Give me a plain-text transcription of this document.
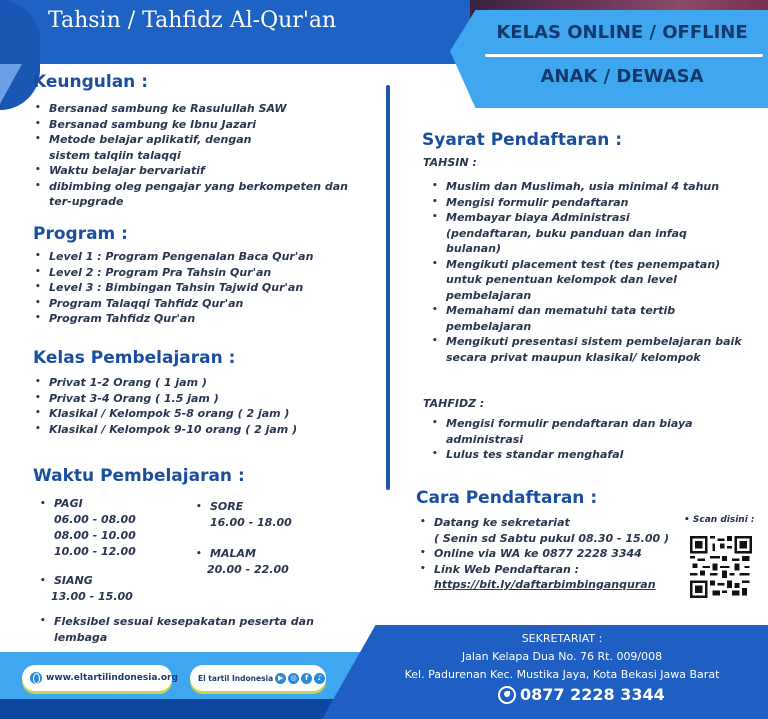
Tahsin / Tahfidz Al-Qur'an	KELAS ONLINE / OFFLINE
ANAK / DEWASA
Keungulan :
• Bersanad sambung ke Rasulullah SAW
• Bersanad sambung ke Ibnu Jazari
• Metode belajar aplikatif, dengan sistem talqiin talaqqi
• Waktu belajar bervariatif
• dibimbing oleg pengajar yang berkompeten dan ter-upgrade
Program :
• Level 1 : Program Pengenalan Baca Qur'an
• Level 2 : Program Pra Tahsin Qur'an
• Level 3 : Bimbingan Tahsin Tajwid Qur'an
• Program Talaqqi Tahfidz Qur'an
• Program Tahfidz Qur'an
Kelas Pembelajaran :
• Privat 1-2 Orang ( 1 jam )
• Privat 3-4 Orang ( 1.5 jam )
• Klasikal / Kelompok 5-8 orang ( 2 jam )
• Klasikal / Kelompok 9-10 orang ( 2 jam )
Waktu Pembelajaran :
• PAGI
06.00 - 08.00
08.00 - 10.00
10.00 - 12.00
• SIANG
13.00 - 15.00
• SORE
16.00 - 18.00
• MALAM
20.00 - 22.00
• Fleksibel sesuai kesepakatan peserta dan lembaga
Syarat Pendaftaran :
TAHSIN :
• Muslim dan Muslimah, usia minimal 4 tahun
• Mengisi formulir pendaftaran
• Membayar biaya Administrasi (pendaftaran, buku panduan dan infaq bulanan)
• Mengikuti placement test (tes penempatan) untuk penentuan kelompok dan level pembelajaran
• Memahami dan mematuhi tata tertib pembelajaran
• Mengikuti presentasi sistem pembelajaran baik secara privat maupun klasikal/ kelompok
TAHFIDZ :
• Mengisi formulir pendaftaran dan biaya administrasi
• Lulus tes standar menghafal
Cara Pendaftaran :
• Datang ke sekretariat
( Senin sd Sabtu pukul 08.30 - 15.00 )
• Online via WA ke 0877 2228 3344
• Link Web Pendaftaran :
https://bit.ly/daftarbimbinganquran
• Scan disini :
www.eltartilindonesia.org	El tartil Indonesia ▶	◎	f	♪
SEKRETARIAT :
Jalan Kelapa Dua No. 76 Rt. 009/008
Kel. Padurenan Kec. Mustika Jaya, Kota Bekasi Jawa Barat
0877 2228 3344
